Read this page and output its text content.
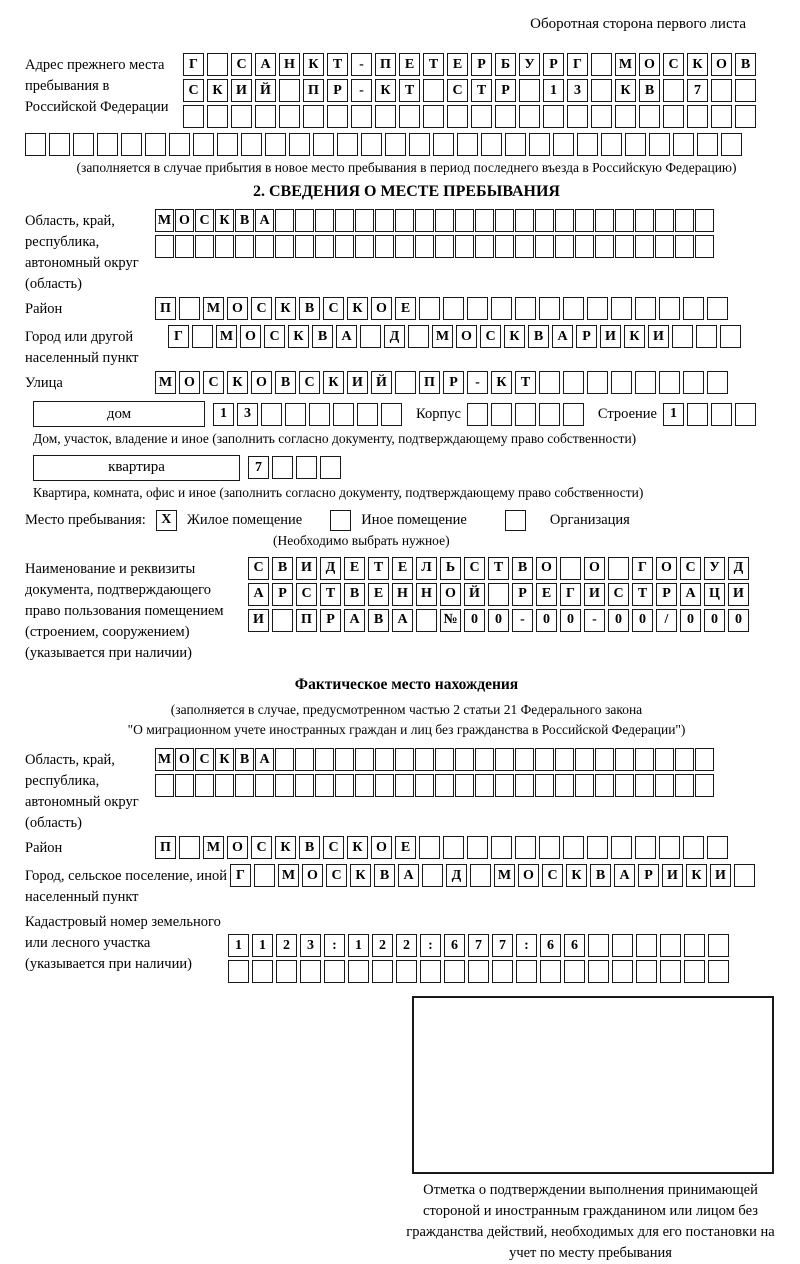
Оборотная сторона первого листа
Адрес прежнего места пребывания в Российской Федерации
Г	С А Н К	Т	-	П Е	Т	Е	Р	Б	У	Р	Г	М О С К О В
С К И Й	П	Р	-	К	Т	С	Т	Р	1	3	К	В	7
(заполняется в случае прибытия в новое место пребывания в период последнего въезда в Российскую Федерацию)
2. СВЕДЕНИЯ О МЕСТЕ ПРЕБЫВАНИЯ
Область, край, республика, автономный округ (область)
М О С К В А
Район	П	М О С К	В	С К О Е
Город или другой населенный пункт
Г	М О С К	В	А	Д	М О С К	В	А	Р	И К И
Улица	М О С К О В	С К И Й	П	Р	-	К	Т
дом	1	3	Корпус	Строение 1
Дом, участок, владение и иное (заполнить согласно документу, подтверждающему право собственности)
квартира	7
Квартира, комната, офис и иное (заполнить согласно документу, подтверждающему право собственности)
Место пребывания:	X	Жилое помещение	Иное помещение	Организация
(Необходимо выбрать нужное)
Наименование и реквизиты документа, подтверждающего право пользования помещением (строением, сооружением) (указывается при наличии)
С	В И Д	Е	Т	Е	Л	Ь	С	Т	В О	О	Г	О С У	Д
А	Р	С	Т	В	Е Н Н О Й	Р	Е	Г	И С	Т	Р	А Ц И
И	П	Р	А	В	А	№ 0	0	-	0	0	-	0	0	/	0	0	0
Фактическое место нахождения
(заполняется в случае, предусмотренном частью 2 статьи 21 Федерального закона
"О миграционном учете иностранных граждан и лиц без гражданства в Российской Федерации")
Область, край, республика, автономный округ (область)
М О С К В А
Район	П	М О С К	В	С К О Е
Город, сельское поселение, иной населенный пункт
Г	М О С К	В	А	Д	М О С К	В	А	Р	И К И
Кадастровый номер земельного или лесного участка (указывается при наличии)
1	1	2	3	:	1	2	2	:	6	7	7	:	6	6
Отметка о подтверждении выполнения принимающей стороной и иностранным гражданином или лицом без гражданства действий, необходимых для его постановки на учет по месту пребывания
